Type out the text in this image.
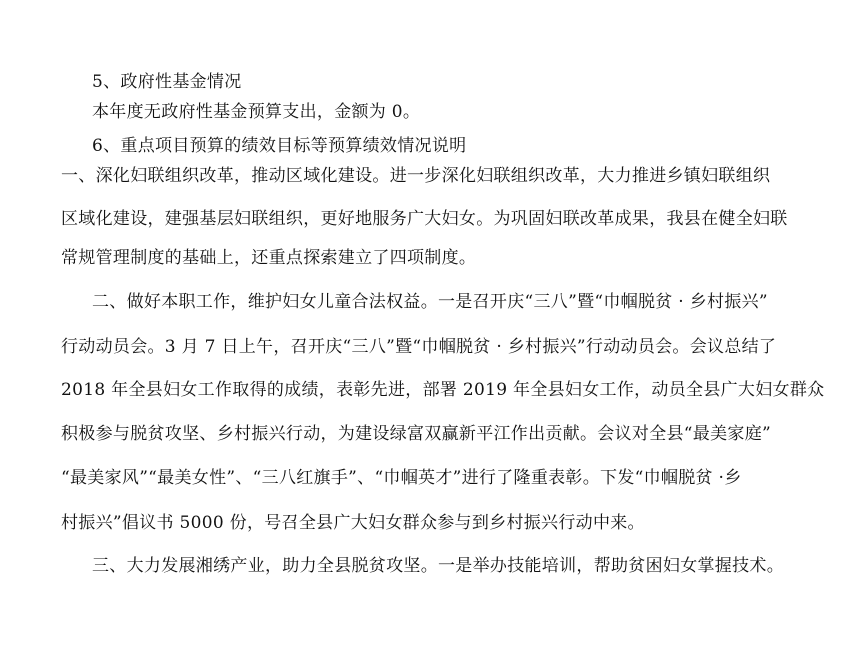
5、政府性基金情况
本年度无政府性基金预算支出，金额为 0。
6、重点项目预算的绩效目标等预算绩效情况说明
一、深化妇联组织改革，推动区域化建设。进一步深化妇联组织改革，大力推进乡镇妇联组织
区域化建设，建强基层妇联组织，更好地服务广大妇女。为巩固妇联改革成果，我县在健全妇联
常规管理制度的基础上，还重点探索建立了四项制度。
二、做好本职工作，维护妇女儿童合法权益。一是召开庆“三八”暨“巾帼脱贫 · 乡村振兴”
行动动员会。3 月 7 日上午，召开庆“三八”暨“巾帼脱贫 · 乡村振兴”行动动员会。会议总结了
2018 年全县妇女工作取得的成绩，表彰先进，部署 2019 年全县妇女工作，动员全县广大妇女群众
积极参与脱贫攻坚、乡村振兴行动，为建设绿富双赢新平江作出贡献。会议对全县“最美家庭”
“最美家风”“最美女性”、“三八红旗手”、“巾帼英才”进行了隆重表彰。下发“巾帼脱贫 ·乡
村振兴”倡议书 5000 份，号召全县广大妇女群众参与到乡村振兴行动中来。
三、大力发展湘绣产业，助力全县脱贫攻坚。一是举办技能培训，帮助贫困妇女掌握技术。
